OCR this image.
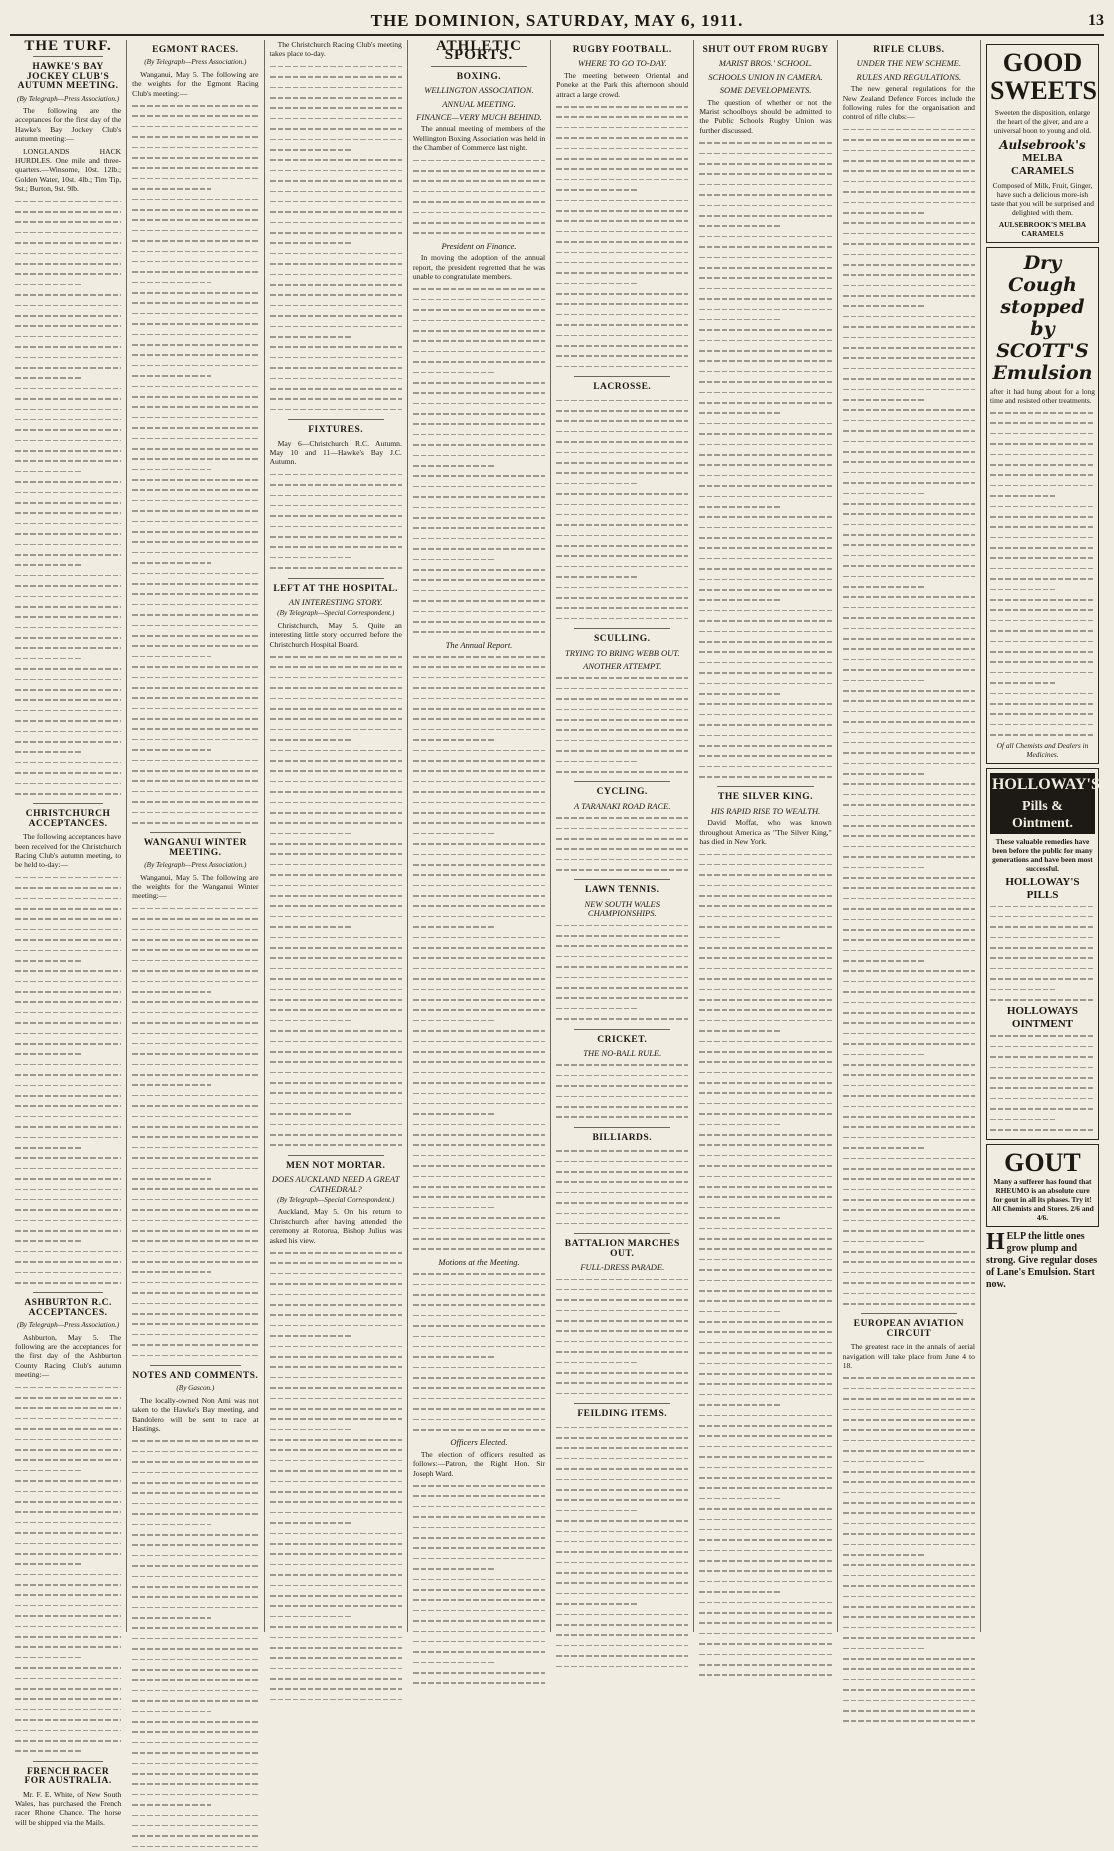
THE DOMINION, SATURDAY, MAY 6, 1911.	13
THE TURF.
HAWKE'S BAY JOCKEY CLUB'S AUTUMN MEETING.
(By Telegraph—Press Association.)

The following are the acceptances for the first day of the Hawke's Bay Jockey Club's autumn meeting:—

LONGLANDS HACK HURDLES. One mile and three-quarters.—Winsome, 10st. 12lb.; Golden Water, 10st. 4lb.; Tim Tip, 9st.; Burton, 9st. 9lb.

CHRISTCHURCH ACCEPTANCES.

The following acceptances have been received for the Christchurch Racing Club's autumn meeting, to be held to-day:—

ASHBURTON R.C. ACCEPTANCES.
(By Telegraph—Press Association.)

Ashburton, May 5. The following are the acceptances for the first day of the Ashburton County Racing Club's autumn meeting:—

FRENCH RACER FOR AUSTRALIA.

Mr. F. E. White, of New South Wales, has purchased the French racer Rhone Chance. The horse will be shipped via the Mails.

EGMONT RACES.
(By Telegraph—Press Association.)

Wanganui, May 5. The following are the weights for the Egmont Racing Club's meeting:—

WANGANUI WINTER MEETING.
(By Telegraph—Press Association.)

Wanganui, May 5. The following are the weights for the Wanganui Winter meeting:—

NOTES AND COMMENTS.
(By Gascon.)

The locally-owned Non Ami was not taken to the Hawke's Bay meeting, and Bandolero will be sent to race at Hastings.

The Christchurch Racing Club's meeting takes place to-day.

FIXTURES.

May 6—Christchurch R.C. Autumn. May 10 and 11—Hawke's Bay J.C. Autumn.

LEFT AT THE HOSPITAL.
AN INTERESTING STORY.
(By Telegraph—Special Correspondent.)

Christchurch, May 5. Quite an interesting little story occurred before the Christchurch Hospital Board.

MEN NOT MORTAR.
DOES AUCKLAND NEED A GREAT CATHEDRAL?
(By Telegraph—Special Correspondent.)

Auckland, May 5. On his return to Christchurch after having attended the ceremony at Rotorua, Bishop Julius was asked his view.

ATHLETIC SPORTS.
BOXING.
WELLINGTON ASSOCIATION.
ANNUAL MEETING.
FINANCE—VERY MUCH BEHIND.

The annual meeting of members of the Wellington Boxing Association was held in the Chamber of Commerce last night.

President on Finance.

In moving the adoption of the annual report, the president regretted that he was unable to congratulate members.

The Annual Report.
Motions at the Meeting.
Officers Elected.

The election of officers resulted as follows:—Patron, the Right Hon. Sir Joseph Ward.

RUGBY FOOTBALL.
WHERE TO GO TO-DAY.

The meeting between Oriental and Poneke at the Park this afternoon should attract a large crowd.

LACROSSE.
SCULLING.
TRYING TO BRING WEBB OUT.
ANOTHER ATTEMPT.
CYCLING.
A TARANAKI ROAD RACE.
LAWN TENNIS.
NEW SOUTH WALES CHAMPIONSHIPS.
CRICKET.
THE NO-BALL RULE.
BILLIARDS.
BATTALION MARCHES OUT.
FULL-DRESS PARADE.
FEILDING ITEMS.
SHUT OUT FROM RUGBY
MARIST BROS.' SCHOOL.
SCHOOLS UNION IN CAMERA.
SOME DEVELOPMENTS.

The question of whether or not the Marist schoolboys should be admitted to the Public Schools Rugby Union was further discussed.

THE SILVER KING.
HIS RAPID RISE TO WEALTH.

David Moffat, who was known throughout America as "The Silver King," has died in New York.

RIFLE CLUBS.
UNDER THE NEW SCHEME.
RULES AND REGULATIONS.

The new general regulations for the New Zealand Defence Forces include the following rules for the organisation and control of rifle clubs:—

EUROPEAN AVIATION CIRCUIT

The greatest race in the annals of aerial navigation will take place from June 4 to 18.

GOOD
SWEETS
Sweeten the disposition, enlarge the heart of the giver, and are a universal boon to young and old.
Aulsebrook's
MELBA CARAMELS
Composed of Milk, Fruit, Ginger, have such a delicious more-ish taste that you will be surprised and delighted with them.
AULSEBROOK'S MELBA CARAMELS
Dry Cough stopped by SCOTT'S Emulsion
after it had hung about for a long time and resisted other treatments.
Of all Chemists and Dealers in Medicines.
HOLLOWAY'S
Pills & Ointment.
These valuable remedies have been before the public for many generations and have been most successful.
HOLLOWAY'S PILLS
HOLLOWAYS OINTMENT
GOUT
Many a sufferer has found that RHEUMO is an absolute cure for gout in all its phases. Try it! All Chemists and Stores. 2/6 and 4/6.
H ELP the little ones grow plump and strong. Give regular doses of Lane's Emulsion. Start now.
